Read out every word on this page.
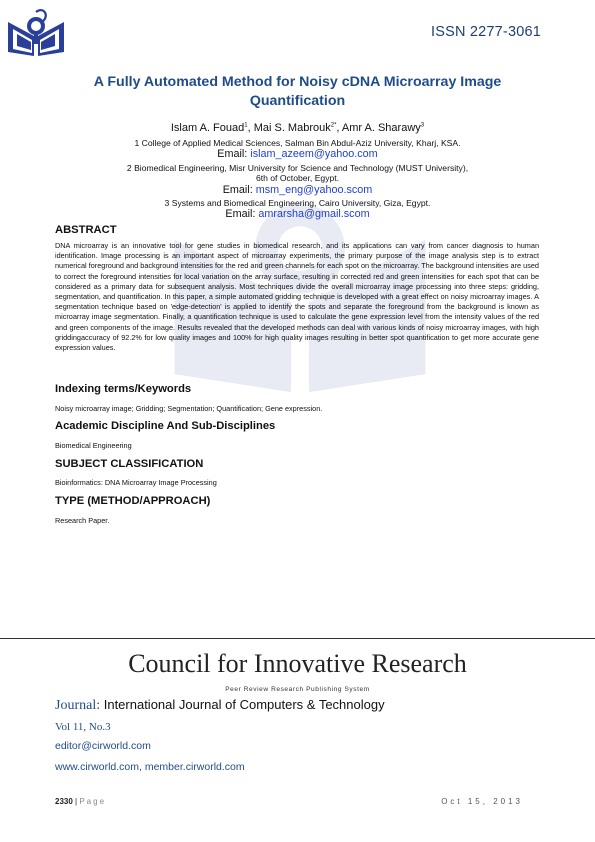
ISSN 2277-3061
A Fully Automated Method for Noisy cDNA Microarray Image
Quantification
Islam A. Fouad$^1$, Mai S. Mabrouk$^{2*}$, Amr A. Sharawy$^3$
1 College of Applied Medical Sciences, Salman Bin Abdul-Aziz University, Kharj, KSA.
Email: islam_azeem@yahoo.com
2 Biomedical Engineering, Misr University for Science and Technology (MUST University),
6th of October, Egypt.
Email: msm_eng@yahoo.scom
3 Systems and Biomedical Engineering, Cairo University, Giza, Egypt.
Email: amrarsha@gmail.scom
ABSTRACT
DNA microarray is an innovative tool for gene studies in biomedical research, and its applications can vary from cancer diagnosis to human identification. Image processing is an important aspect of microarray experiments, the primary purpose of the image analysis step is to extract numerical foreground and background intensities for the red and green channels for each spot on the microarray. The background intensities are used to correct the foreground intensities for local variation on the array surface, resulting in corrected red and green intensities for each spot that can be considered as a primary data for subsequent analysis. Most techniques divide the overall microarray image processing into three steps: gridding, segmentation, and quantification. In this paper, a simple automated gridding technique is developed with a great effect on noisy microarray images. A segmentation technique based on 'edge-detection' is applied to identify the spots and separate the foreground from the background is known as microarray image segmentation. Finally, a quantification technique is used to calculate the gene expression level from the intensity values of the red and green components of the image. Results revealed that the developed methods can deal with various kinds of noisy microarray images, with high griddingaccuracy of 92.2% for low quality images and 100% for high quality images resulting in better spot quantification to get more accurate gene expression values.
Indexing terms/Keywords
Noisy microarray image; Gridding; Segmentation; Quantification; Gene expression.
Academic Discipline And Sub-Disciplines
Biomedical Engineering
SUBJECT CLASSIFICATION
Bioinformatics: DNA Microarray Image Processing
TYPE (METHOD/APPROACH)
Research Paper.
Council for Innovative Research
Peer Review Research Publishing System
Journal: International Journal of Computers & Technology
Vol 11, No.3
editor@cirworld.com
www.cirworld.com, member.cirworld.com
2330 | Page	Oct 15, 2013
